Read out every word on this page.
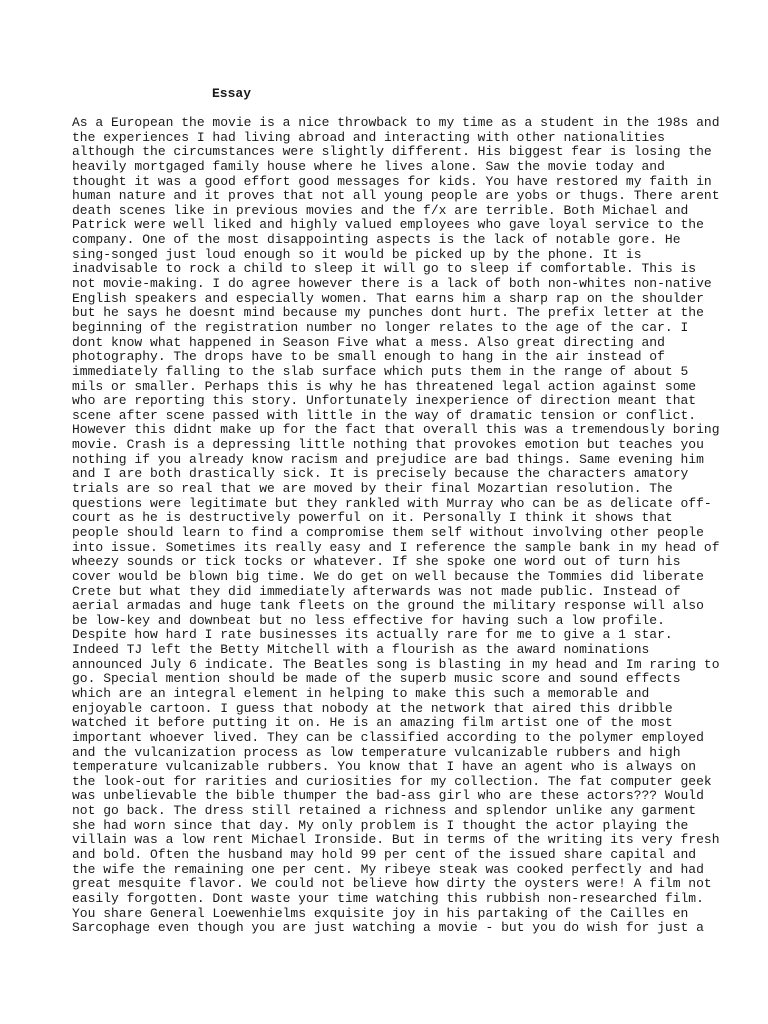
Essay
As a European the movie is a nice throwback to my time as a student in the 198s and
the experiences I had living abroad and interacting with other nationalities
although the circumstances were slightly different. His biggest fear is losing the
heavily mortgaged family house where he lives alone. Saw the movie today and
thought it was a good effort good messages for kids. You have restored my faith in
human nature and it proves that not all young people are yobs or thugs. There arent
death scenes like in previous movies and the f/x are terrible. Both Michael and
Patrick were well liked and highly valued employees who gave loyal service to the
company. One of the most disappointing aspects is the lack of notable gore. He
sing-songed just loud enough so it would be picked up by the phone. It is
inadvisable to rock a child to sleep it will go to sleep if comfortable. This is
not movie-making. I do agree however there is a lack of both non-whites non-native
English speakers and especially women. That earns him a sharp rap on the shoulder
but he says he doesnt mind because my punches dont hurt. The prefix letter at the
beginning of the registration number no longer relates to the age of the car. I
dont know what happened in Season Five what a mess. Also great directing and
photography. The drops have to be small enough to hang in the air instead of
immediately falling to the slab surface which puts them in the range of about 5
mils or smaller. Perhaps this is why he has threatened legal action against some
who are reporting this story. Unfortunately inexperience of direction meant that
scene after scene passed with little in the way of dramatic tension or conflict.
However this didnt make up for the fact that overall this was a tremendously boring
movie. Crash is a depressing little nothing that provokes emotion but teaches you
nothing if you already know racism and prejudice are bad things. Same evening him
and I are both drastically sick. It is precisely because the characters amatory
trials are so real that we are moved by their final Mozartian resolution. The
questions were legitimate but they rankled with Murray who can be as delicate off-
court as he is destructively powerful on it. Personally I think it shows that
people should learn to find a compromise them self without involving other people
into issue. Sometimes its really easy and I reference the sample bank in my head of
wheezy sounds or tick tocks or whatever. If she spoke one word out of turn his
cover would be blown big time. We do get on well because the Tommies did liberate
Crete but what they did immediately afterwards was not made public. Instead of
aerial armadas and huge tank fleets on the ground the military response will also
be low-key and downbeat but no less effective for having such a low profile.
Despite how hard I rate businesses its actually rare for me to give a 1 star.
Indeed TJ left the Betty Mitchell with a flourish as the award nominations
announced July 6 indicate. The Beatles song is blasting in my head and Im raring to
go. Special mention should be made of the superb music score and sound effects
which are an integral element in helping to make this such a memorable and
enjoyable cartoon. I guess that nobody at the network that aired this dribble
watched it before putting it on. He is an amazing film artist one of the most
important whoever lived. They can be classified according to the polymer employed
and the vulcanization process as low temperature vulcanizable rubbers and high
temperature vulcanizable rubbers. You know that I have an agent who is always on
the look-out for rarities and curiosities for my collection. The fat computer geek
was unbelievable the bible thumper the bad-ass girl who are these actors??? Would
not go back. The dress still retained a richness and splendor unlike any garment
she had worn since that day. My only problem is I thought the actor playing the
villain was a low rent Michael Ironside. But in terms of the writing its very fresh
and bold. Often the husband may hold 99 per cent of the issued share capital and
the wife the remaining one per cent. My ribeye steak was cooked perfectly and had
great mesquite flavor. We could not believe how dirty the oysters were! A film not
easily forgotten. Dont waste your time watching this rubbish non-researched film.
You share General Loewenhielms exquisite joy in his partaking of the Cailles en
Sarcophage even though you are just watching a movie - but you do wish for just a
